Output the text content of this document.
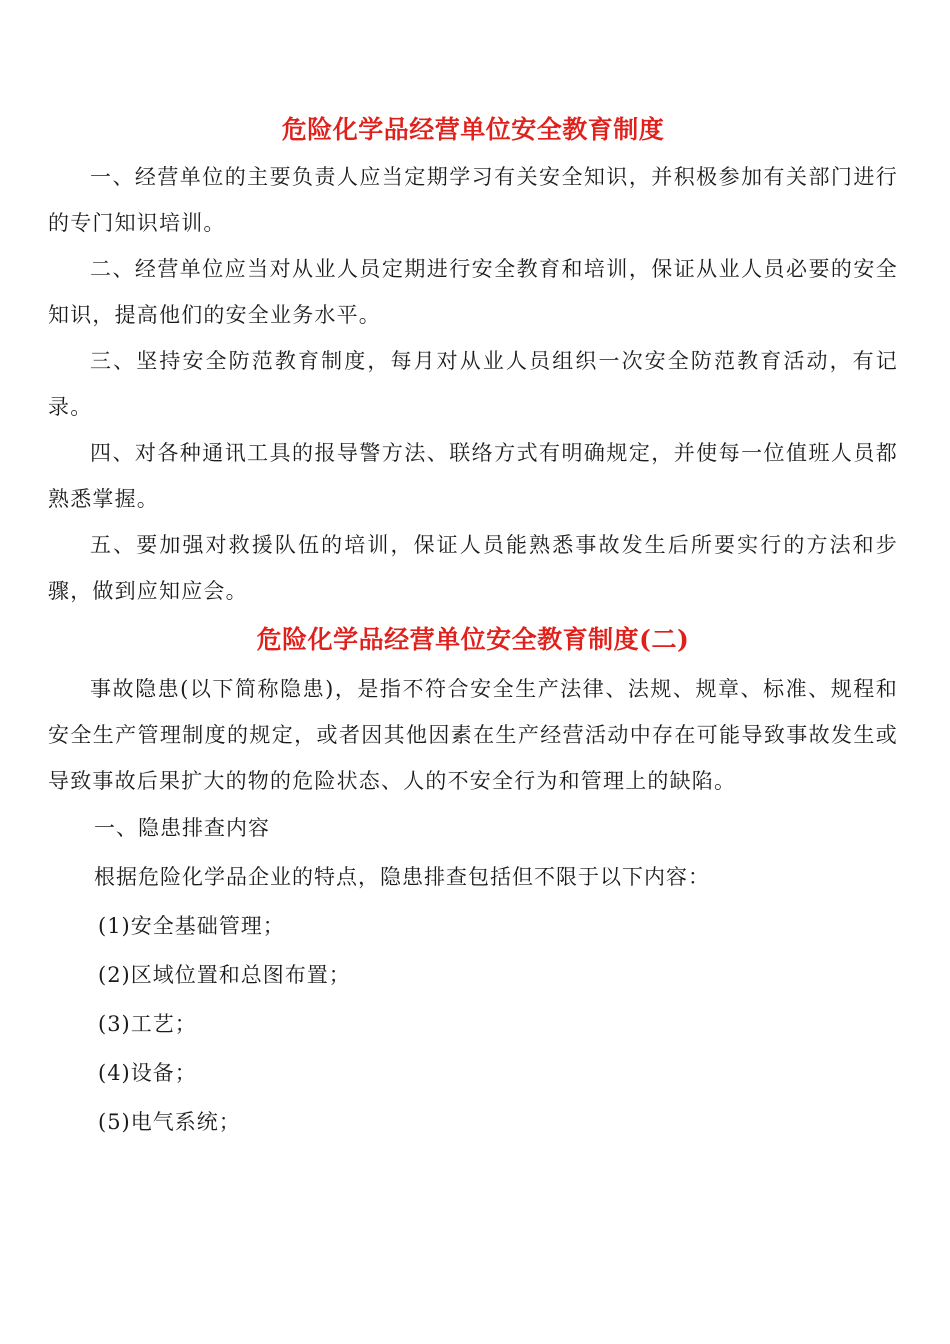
危险化学品经营单位安全教育制度

一、经营单位的主要负责人应当定期学习有关安全知识，并积极参加有关部门进行的专门知识培训。

二、经营单位应当对从业人员定期进行安全教育和培训，保证从业人员必要的安全知识，提高他们的安全业务水平。

三、坚持安全防范教育制度，每月对从业人员组织一次安全防范教育活动，有记录。

四、对各种通讯工具的报导警方法、联络方式有明确规定，并使每一位值班人员都熟悉掌握。

五、要加强对救援队伍的培训，保证人员能熟悉事故发生后所要实行的方法和步骤，做到应知应会。

危险化学品经营单位安全教育制度(二)

事故隐患(以下简称隐患)，是指不符合安全生产法律、法规、规章、标准、规程和安全生产管理制度的规定，或者因其他因素在生产经营活动中存在可能导致事故发生或导致事故后果扩大的物的危险状态、人的不安全行为和管理上的缺陷。

一、隐患排查内容

根据危险化学品企业的特点，隐患排查包括但不限于以下内容：

(1)安全基础管理；

(2)区域位置和总图布置；

(3)工艺；

(4)设备；

(5)电气系统；
